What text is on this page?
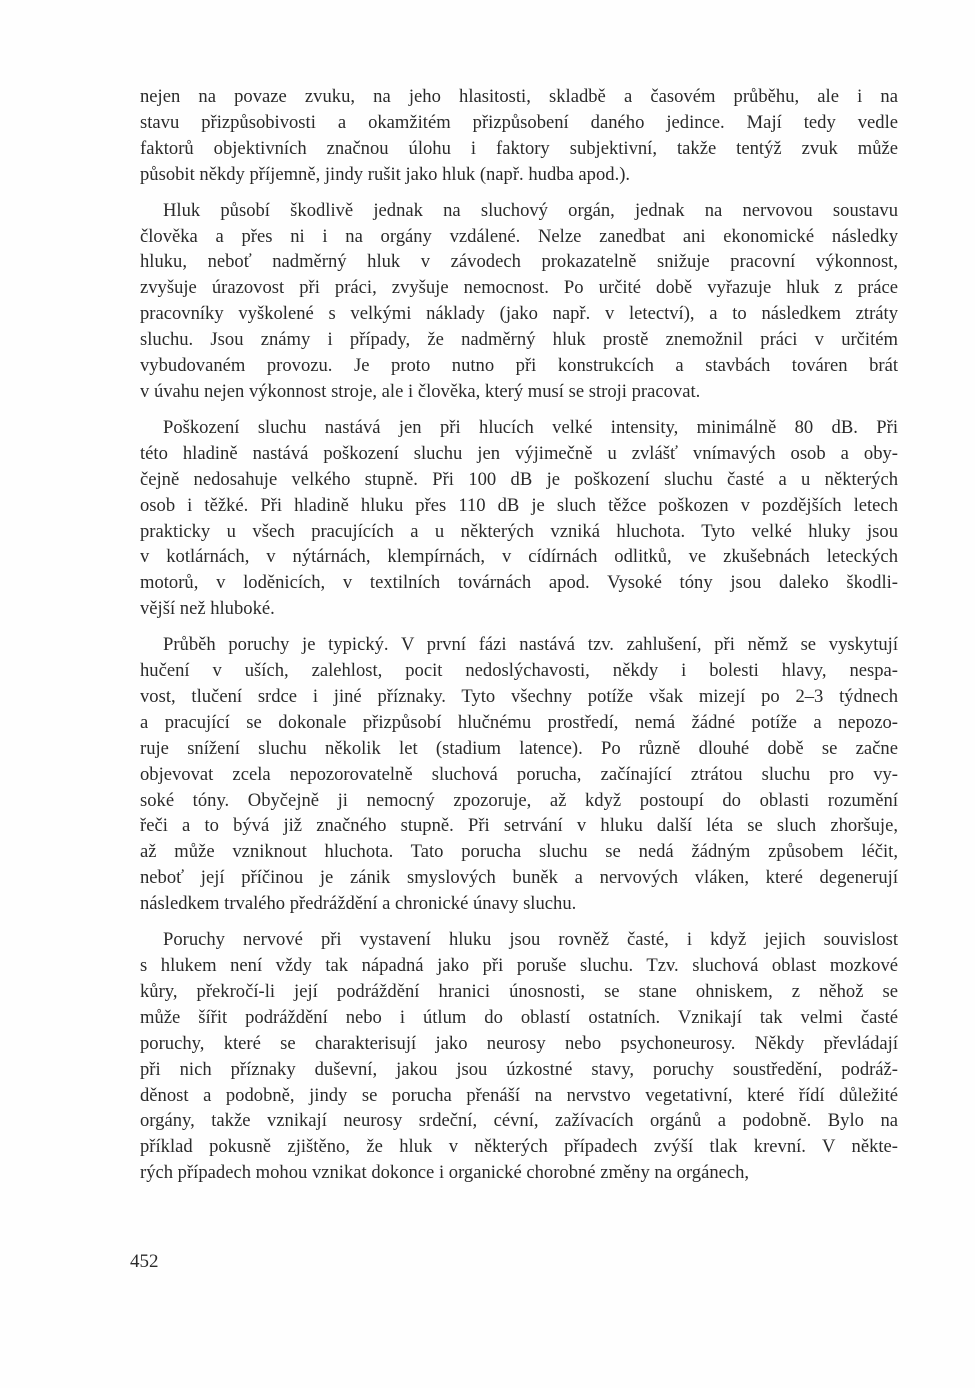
nejen na povaze zvuku, na jeho hlasitosti, skladbě a časovém průběhu, ale i na
stavu přizpůsobivosti a okamžitém přizpůsobení daného jedince. Mají tedy vedle
faktorů objektivních značnou úlohu i faktory subjektivní, takže tentýž zvuk může
působit někdy příjemně, jindy rušit jako hluk (např. hudba apod.).

Hluk působí škodlivě jednak na sluchový orgán, jednak na nervovou soustavu
člověka a přes ni i na orgány vzdálené. Nelze zanedbat ani ekonomické následky
hluku, neboť nadměrný hluk v závodech prokazatelně snižuje pracovní výkonnost,
zvyšuje úrazovost při práci, zvyšuje nemocnost. Po určité době vyřazuje hluk z práce
pracovníky vyškolené s velkými náklady (jako např. v letectví), a to následkem ztráty
sluchu. Jsou známy i případy, že nadměrný hluk prostě znemožnil práci v určitém
vybudovaném provozu. Je proto nutno při konstrukcích a stavbách továren brát
v úvahu nejen výkonnost stroje, ale i člověka, který musí se stroji pracovat.

Poškození sluchu nastává jen při hlucích velké intensity, minimálně 80 dB. Při
této hladině nastává poškození sluchu jen výjimečně u zvlášť vnímavých osob a oby-
čejně nedosahuje velkého stupně. Při 100 dB je poškození sluchu časté a u některých
osob i těžké. Při hladině hluku přes 110 dB je sluch těžce poškozen v pozdějších letech
prakticky u všech pracujících a u některých vzniká hluchota. Tyto velké hluky jsou
v kotlárnách, v nýtárnách, klempírnách, v cídírnách odlitků, ve zkušebnách leteckých
motorů, v loděnicích, v textilních továrnách apod. Vysoké tóny jsou daleko škodli-
vější než hluboké.

Průběh poruchy je typický. V první fázi nastává tzv. zahlušení, při němž se vyskytují
hučení v uších, zalehlost, pocit nedoslýchavosti, někdy i bolesti hlavy, nespa-
vost, tlučení srdce i jiné příznaky. Tyto všechny potíže však mizejí po 2–3 týdnech
a pracující se dokonale přizpůsobí hlučnému prostředí, nemá žádné potíže a nepozo-
ruje snížení sluchu několik let (stadium latence). Po různě dlouhé době se začne
objevovat zcela nepozorovatelně sluchová porucha, začínající ztrátou sluchu pro vy-
soké tóny. Obyčejně ji nemocný zpozoruje, až když postoupí do oblasti rozumění
řeči a to bývá již značného stupně. Při setrvání v hluku další léta se sluch zhoršuje,
až může vzniknout hluchota. Tato porucha sluchu se nedá žádným způsobem léčit,
neboť její příčinou je zánik smyslových buněk a nervových vláken, které degenerují
následkem trvalého předráždění a chronické únavy sluchu.

Poruchy nervové při vystavení hluku jsou rovněž časté, i když jejich souvislost
s hlukem není vždy tak nápadná jako při poruše sluchu. Tzv. sluchová oblast mozkové
kůry, překročí-li její podráždění hranici únosnosti, se stane ohniskem, z něhož se
může šířit podráždění nebo i útlum do oblastí ostatních. Vznikají tak velmi časté
poruchy, které se charakterisují jako neurosy nebo psychoneurosy. Někdy převládají
při nich příznaky duševní, jakou jsou úzkostné stavy, poruchy soustředění, podráž-
děnost a podobně, jindy se porucha přenáší na nervstvo vegetativní, které řídí důležité
orgány, takže vznikají neurosy srdeční, cévní, zažívacích orgánů a podobně. Bylo na
příklad pokusně zjištěno, že hluk v některých případech zvýší tlak krevní. V někte-
rých případech mohou vznikat dokonce i organické chorobné změny na orgánech,

452
